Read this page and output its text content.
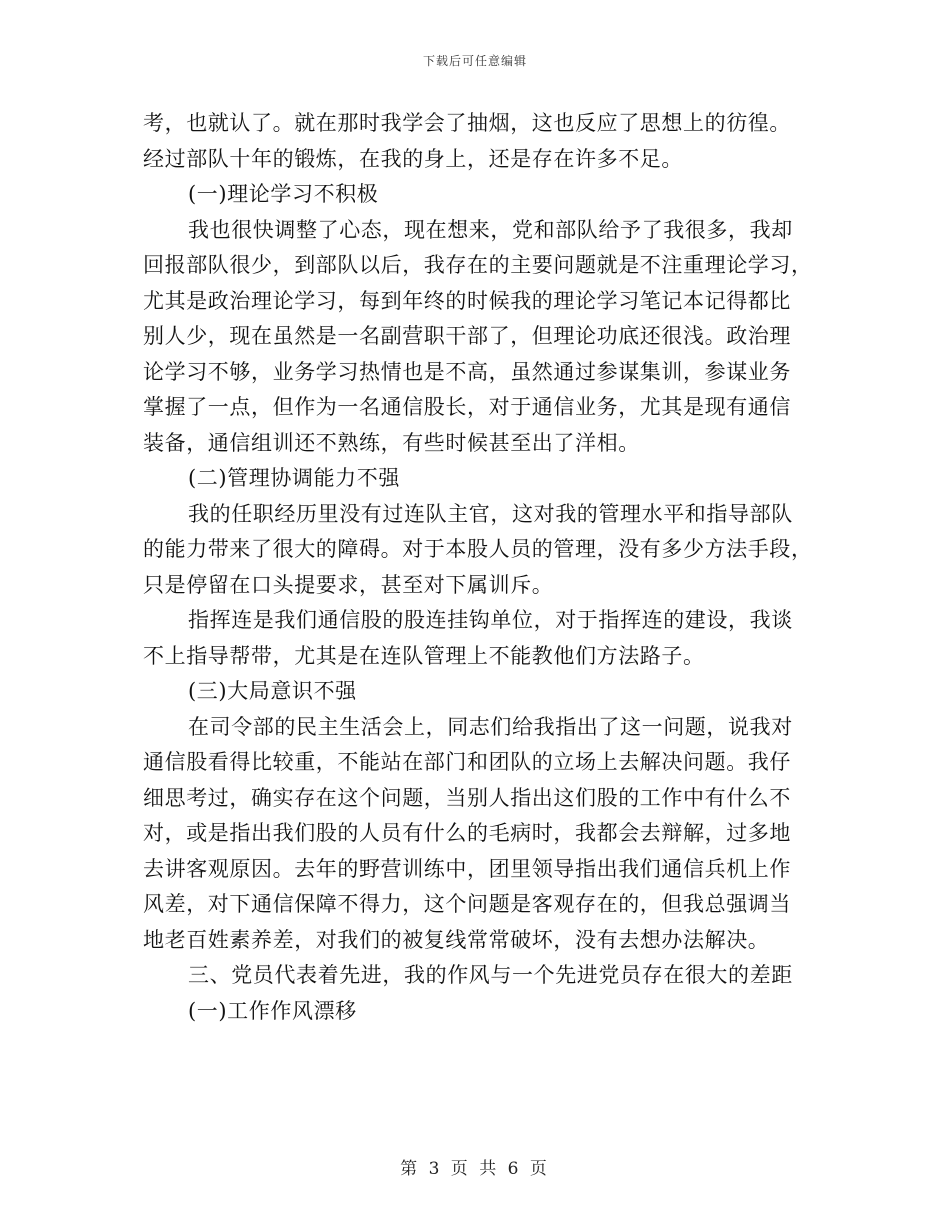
下载后可任意编辑
考，也就认了。就在那时我学会了抽烟，这也反应了思想上的彷徨。
经过部队十年的锻炼，在我的身上，还是存在许多不足。
(一)理论学习不积极
我也很快调整了心态，现在想来，党和部队给予了我很多，我却
回报部队很少，到部队以后，我存在的主要问题就是不注重理论学习，
尤其是政治理论学习，每到年终的时候我的理论学习笔记本记得都比
别人少，现在虽然是一名副营职干部了，但理论功底还很浅。政治理
论学习不够，业务学习热情也是不高，虽然通过参谋集训，参谋业务
掌握了一点，但作为一名通信股长，对于通信业务，尤其是现有通信
装备，通信组训还不熟练，有些时候甚至出了洋相。
(二)管理协调能力不强
我的任职经历里没有过连队主官，这对我的管理水平和指导部队
的能力带来了很大的障碍。对于本股人员的管理，没有多少方法手段，
只是停留在口头提要求，甚至对下属训斥。
指挥连是我们通信股的股连挂钩单位，对于指挥连的建设，我谈
不上指导帮带，尤其是在连队管理上不能教他们方法路子。
(三)大局意识不强
在司令部的民主生活会上，同志们给我指出了这一问题，说我对
通信股看得比较重，不能站在部门和团队的立场上去解决问题。我仔
细思考过，确实存在这个问题，当别人指出这们股的工作中有什么不
对，或是指出我们股的人员有什么的毛病时，我都会去辩解，过多地
去讲客观原因。去年的野营训练中，团里领导指出我们通信兵机上作
风差，对下通信保障不得力，这个问题是客观存在的，但我总强调当
地老百姓素养差，对我们的被复线常常破坏，没有去想办法解决。
三、党员代表着先进，我的作风与一个先进党员存在很大的差距
(一)工作作风漂移
第 3 页 共 6 页
